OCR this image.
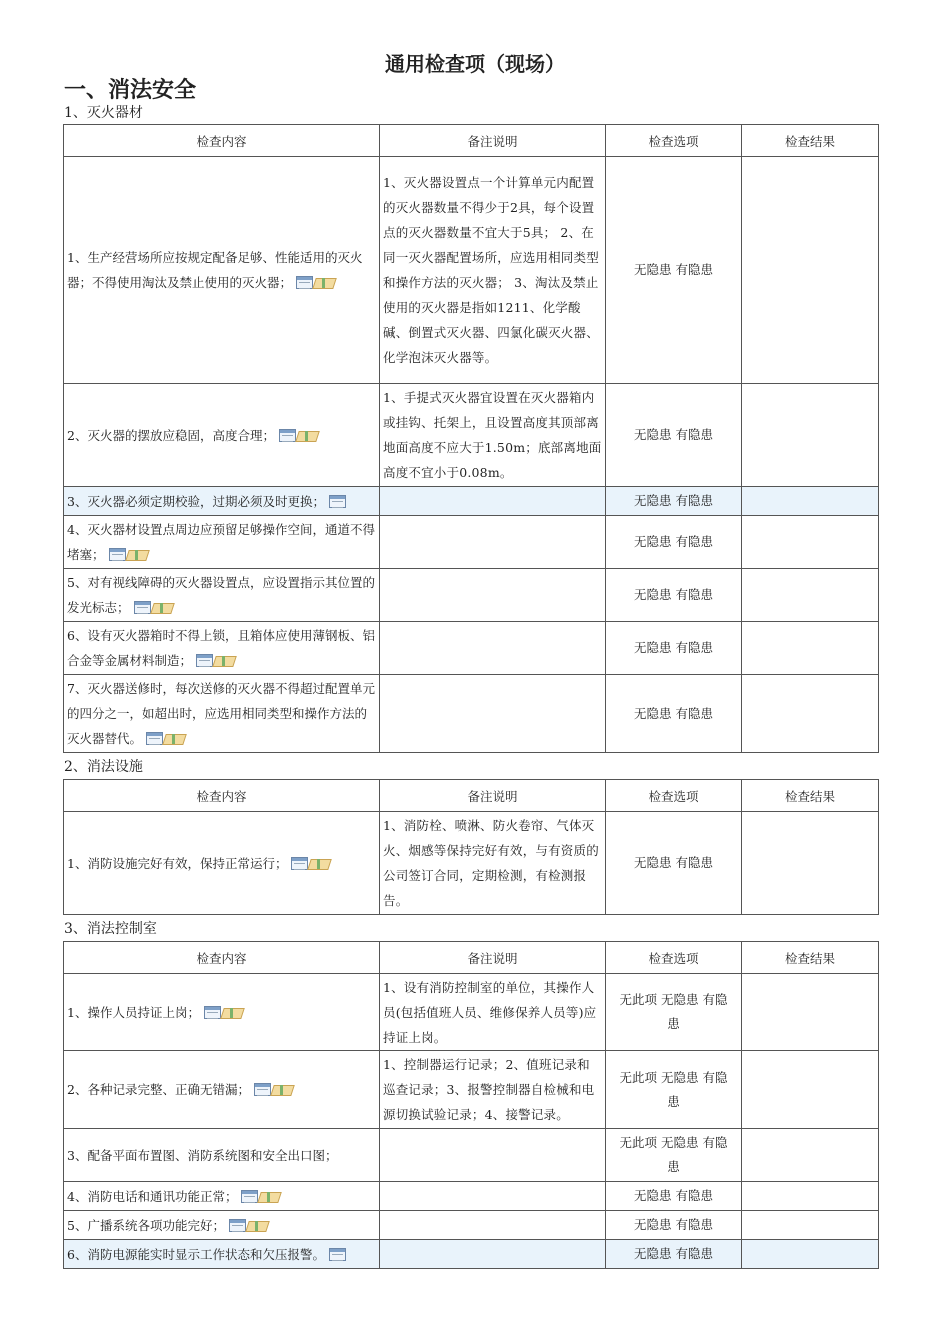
通用检查项（现场）
一、消法安全

1、灭火器材

检查内容	备注说明	检查选项	检查结果
1、生产经营场所应按规定配备足够、性能适用的灭火器；不得使用淘汰及禁止使用的灭火器；	1、灭火器设置点一个计算单元内配置的灭火器数量不得少于2具，每个设置点的灭火器数量不宜大于5具； 2、在同一灭火器配置场所，应选用相同类型和操作方法的灭火器； 3、淘汰及禁止使用的灭火器是指如1211、化学酸碱、倒置式灭火器、四氯化碳灭火器、化学泡沫灭火器等。	无隐患 有隐患	
2、灭火器的摆放应稳固，高度合理；	1、手提式灭火器宜设置在灭火器箱内或挂钩、托架上，且设置高度其顶部离地面高度不应大于1.50m；底部离地面高度不宜小于0.08m。	无隐患 有隐患	
3、灭火器必须定期校验，过期必须及时更换；		无隐患 有隐患	
4、灭火器材设置点周边应预留足够操作空间，通道不得堵塞；		无隐患 有隐患	
5、对有视线障碍的灭火器设置点，应设置指示其位置的发光标志；		无隐患 有隐患	
6、设有灭火器箱时不得上锁，且箱体应使用薄钢板、铝合金等金属材料制造；		无隐患 有隐患	
7、灭火器送修时，每次送修的灭火器不得超过配置单元的四分之一，如超出时，应选用相同类型和操作方法的灭火器替代。		无隐患 有隐患	

2、消法设施

检查内容	备注说明	检查选项	检查结果
1、消防设施完好有效，保持正常运行；	1、消防栓、喷淋、防火卷帘、气体灭火、烟感等保持完好有效，与有资质的公司签订合同，定期检测，有检测报告。	无隐患 有隐患	

3、消法控制室

检查内容	备注说明	检查选项	检查结果
1、操作人员持证上岗；	1、设有消防控制室的单位，其操作人员(包括值班人员、维修保养人员等)应持证上岗。	无此项 无隐患 有隐患	
2、各种记录完整、正确无错漏；	1、控制器运行记录；2、值班记录和巡查记录；3、报警控制器自检械和电源切换试验记录；4、接警记录。	无此项 无隐患 有隐患	
3、配备平面布置图、消防系统图和安全出口图；		无此项 无隐患 有隐患	
4、消防电话和通讯功能正常；		无隐患 有隐患	
5、广播系统各项功能完好；		无隐患 有隐患	
6、消防电源能实时显示工作状态和欠压报警。		无隐患 有隐患	
